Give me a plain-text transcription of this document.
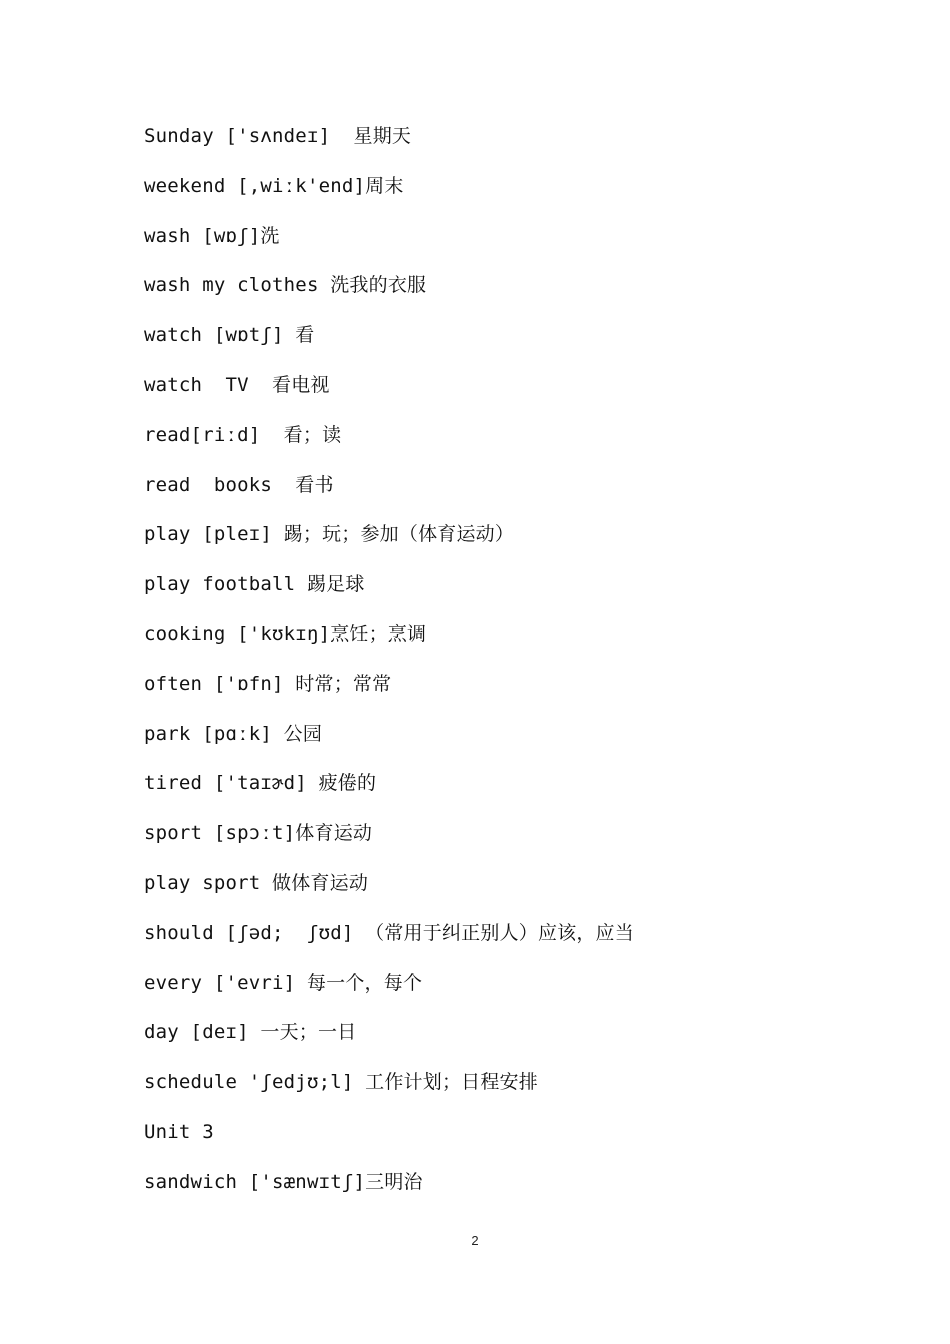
Sunday ['sʌndeɪ]  星期天
weekend [,wiːk'end]周末
wash [wɒʃ]洗
wash my clothes 洗我的衣服
watch [wɒtʃ] 看
watch  TV  看电视
read[riːd]  看；读
read  books  看书
play [pleɪ] 踢；玩；参加（体育运动）
play football 踢足球
cooking ['kʊkɪŋ]烹饪；烹调
often ['ɒfn] 时常；常常
park [pɑːk] 公园
tired ['taɪɚd] 疲倦的
sport [spɔːt]体育运动
play sport 做体育运动
should [ʃəd;  ʃʊd] （常用于纠正别人）应该，应当
every ['evri] 每一个，每个
day [deɪ] 一天；一日
schedule 'ʃedjʊ;l] 工作计划；日程安排
Unit 3
sandwich ['sænwɪtʃ]三明治
2
